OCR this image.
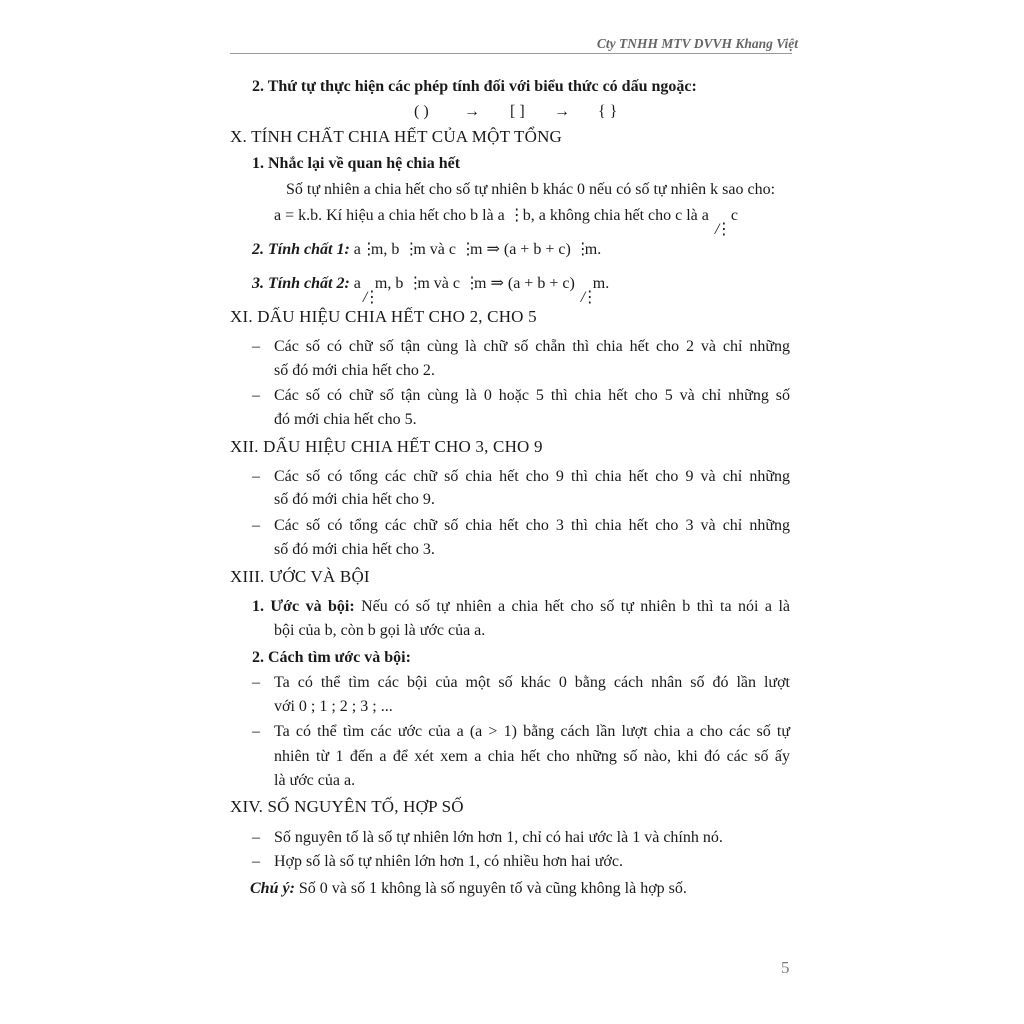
Cty TNHH MTV DVVH Khang Việt
2. Thứ tự thực hiện các phép tính đối với biểu thức có dấu ngoặc:
( ) → [ ] → { }
X. TÍNH CHẤT CHIA HẾT CỦA MỘT TỔNG
1. Nhắc lại về quan hệ chia hết
Số tự nhiên a chia hết cho số tự nhiên b khác 0 nếu có số tự nhiên k sao cho:
a = k.b. Kí hiệu a chia hết cho b là a ⋮ b, a không chia hết cho c là a c
2. Tính chất 1: a ⋮ m, b ⋮ m và c ⋮ m ⇒ (a + b + c) ⋮ m.
3. Tính chất 2: a m, b ⋮ m và c ⋮ m ⇒ (a + b + c) m.
XI. DẤU HIỆU CHIA HẾT CHO 2, CHO 5
– Các số có chữ số tận cùng là chữ số chẵn thì chia hết cho 2 và chỉ những
số đó mới chia hết cho 2.
– Các số có chữ số tận cùng là 0 hoặc 5 thì chia hết cho 5 và chỉ những số
đó mới chia hết cho 5.
XII. DẤU HIỆU CHIA HẾT CHO 3, CHO 9
– Các số có tổng các chữ số chia hết cho 9 thì chia hết cho 9 và chỉ những
số đó mới chia hết cho 9.
– Các số có tổng các chữ số chia hết cho 3 thì chia hết cho 3 và chỉ những
số đó mới chia hết cho 3.
XIII. ƯỚC VÀ BỘI
1. Ước và bội: Nếu có số tự nhiên a chia hết cho số tự nhiên b thì ta nói a là
bội của b, còn b gọi là ước của a.
2. Cách tìm ước và bội:
– Ta có thể tìm các bội của một số khác 0 bằng cách nhân số đó lần lượt
với 0 ; 1 ; 2 ; 3 ; ...
– Ta có thể tìm các ước của a (a > 1) bằng cách lần lượt chia a cho các số tự
nhiên từ 1 đến a để xét xem a chia hết cho những số nào, khi đó các số ấy
là ước của a.
XIV. SỐ NGUYÊN TỐ, HỢP SỐ
– Số nguyên tố là số tự nhiên lớn hơn 1, chỉ có hai ước là 1 và chính nó.
– Hợp số là số tự nhiên lớn hơn 1, có nhiều hơn hai ước.
Chú ý: Số 0 và số 1 không là số nguyên tố và cũng không là hợp số.
5
